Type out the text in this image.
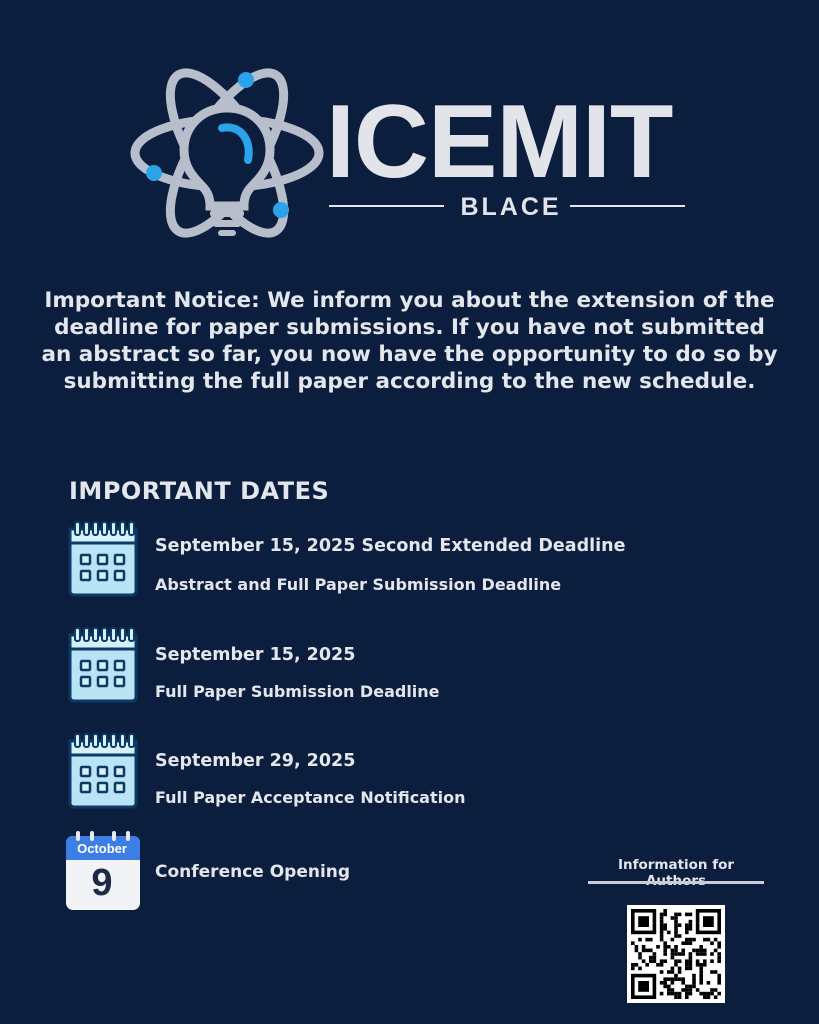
ICEMIT
BLACE
Important Notice: We inform you about the extension of the deadline for paper submissions. If you have not submitted an abstract so far, you now have the opportunity to do so by submitting the full paper according to the new schedule.
IMPORTANT DATES
September 15, 2025 Second Extended Deadline
Abstract and Full Paper Submission Deadline
September 15, 2025
Full Paper Submission Deadline
September 29, 2025
Full Paper Acceptance Notification
October
9	Conference Opening	Information for
